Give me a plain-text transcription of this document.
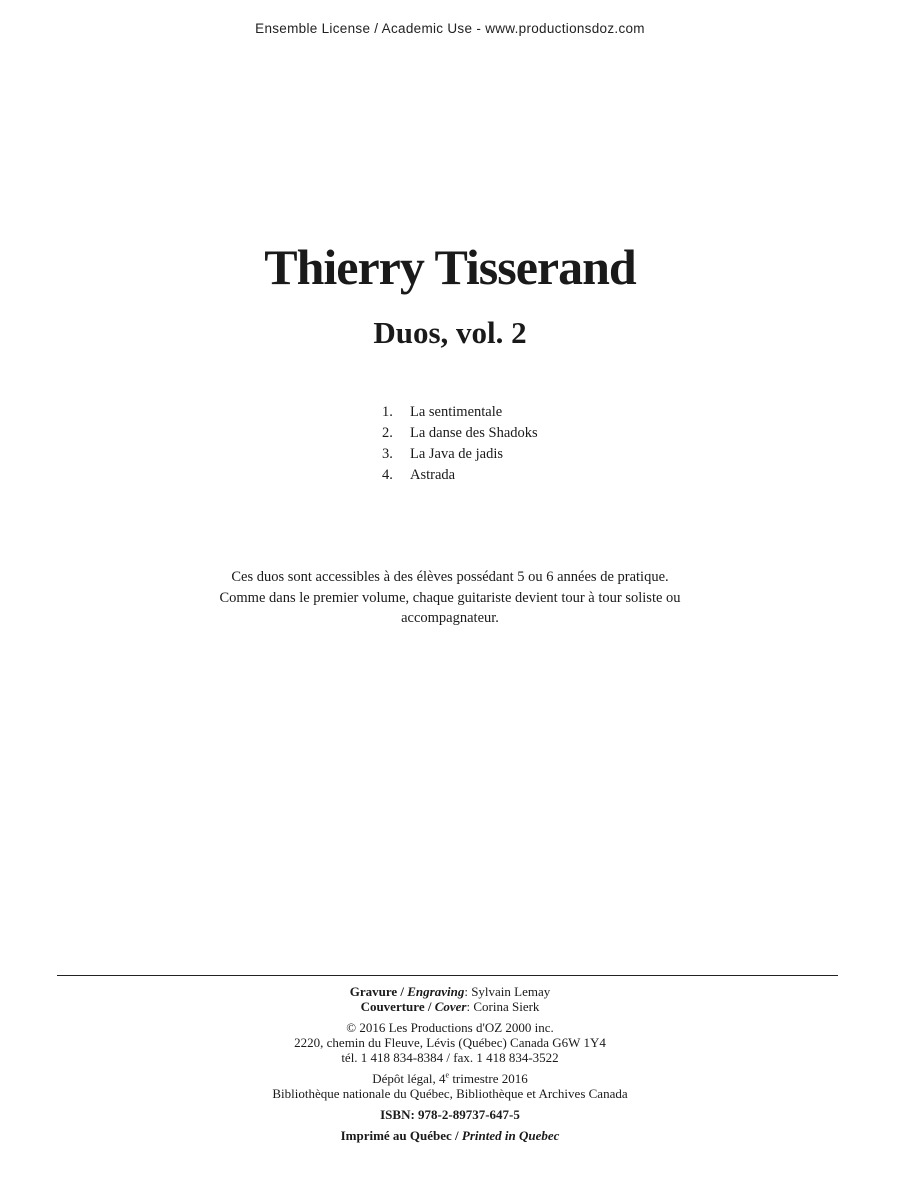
Ensemble License / Academic Use - www.productionsdoz.com
Thierry Tisserand
Duos, vol. 2
1.	La sentimentale
2.	La danse des Shadoks
3.	La Java de jadis
4.	Astrada

Ces duos sont accessibles à des élèves possédant 5 ou 6 années de pratique.

Comme dans le premier volume, chaque guitariste devient tour à tour soliste ou

accompagnateur.

Gravure / Engraving: Sylvain Lemay
Couverture / Cover: Corina Sierk
© 2016 Les Productions d'OZ 2000 inc.
2220, chemin du Fleuve, Lévis (Québec) Canada G6W 1Y4
tél. 1 418 834-8384 / fax. 1 418 834-3522
Dépôt légal, 4e trimestre 2016
Bibliothèque nationale du Québec, Bibliothèque et Archives Canada
ISBN: 978-2-89737-647-5
Imprimé au Québec / Printed in Quebec
